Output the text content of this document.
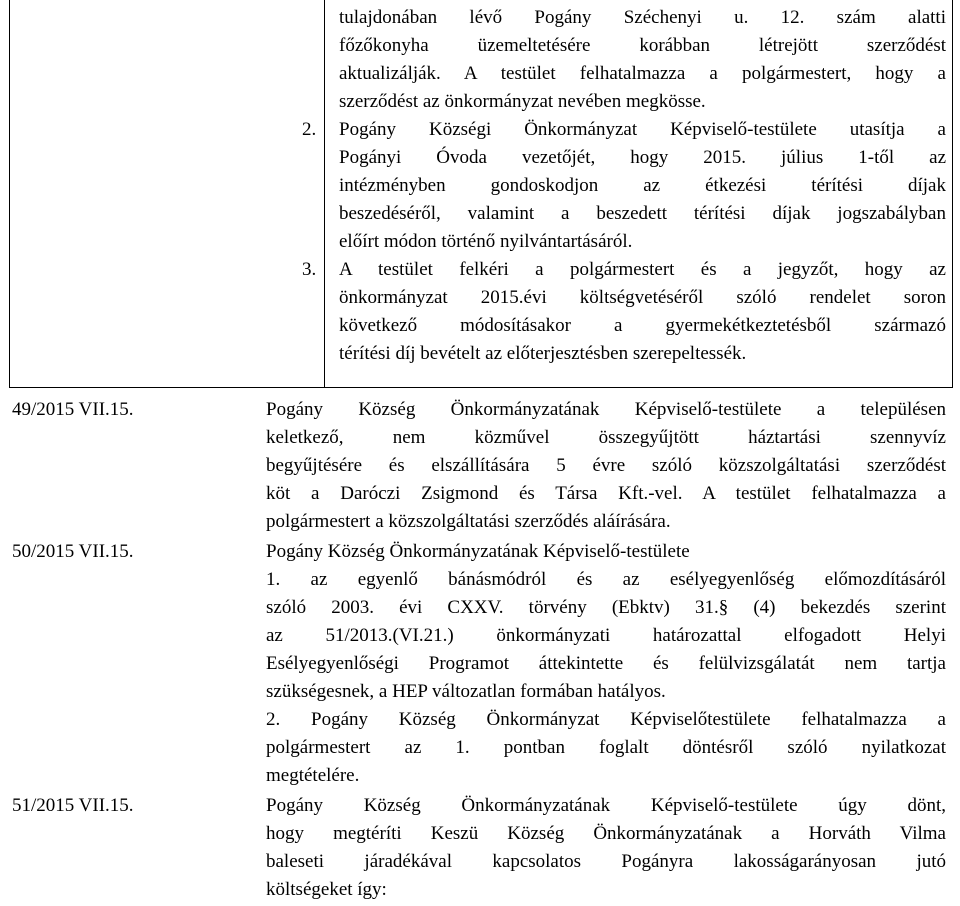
tulajdonában lévő Pogány Széchenyi u. 12. szám alatti
főzőkonyha üzemeltetésére korábban létrejött szerződést
aktualizálják. A testület felhatalmazza a polgármestert, hogy a
szerződést az önkormányzat nevében megkösse.
2. Pogány Községi Önkormányzat Képviselő-testülete utasítja a
Pogányi Óvoda vezetőjét, hogy 2015. július 1-től az
intézményben gondoskodjon az étkezési térítési díjak
beszedéséről, valamint a beszedett térítési díjak jogszabályban
előírt módon történő nyilvántartásáról.
3. A testület felkéri a polgármestert és a jegyzőt, hogy az
önkormányzat 2015.évi költségvetéséről szóló rendelet soron
következő módosításakor a gyermekétkeztetésből származó
térítési díj bevételt az előterjesztésben szerepeltessék.
49/2015 VII.15.	Pogány Község Önkormányzatának Képviselő-testülete a településen
keletkező, nem közművel összegyűjtött háztartási szennyvíz
begyűjtésére és elszállítására 5 évre szóló közszolgáltatási szerződést
köt a Daróczi Zsigmond és Társa Kft.-vel. A testület felhatalmazza a
polgármestert a közszolgáltatási szerződés aláírására.
50/2015 VII.15.	Pogány Község Önkormányzatának Képviselő-testülete
1. az egyenlő bánásmódról és az esélyegyenlőség előmozdításáról
szóló 2003. évi CXXV. törvény (Ebktv) 31.§ (4) bekezdés szerint
az 51/2013.(VI.21.) önkormányzati határozattal elfogadott Helyi
Esélyegyenlőségi Programot áttekintette és felülvizsgálatát nem tartja
szükségesnek, a HEP változatlan formában hatályos.
2. Pogány Község Önkormányzat Képviselőtestülete felhatalmazza a
polgármestert az 1. pontban foglalt döntésről szóló nyilatkozat
megtételére.
51/2015 VII.15.	Pogány Község Önkormányzatának Képviselő-testülete úgy dönt,
hogy megtéríti Keszü Község Önkormányzatának a Horváth Vilma
baleseti járadékával kapcsolatos Pogányra lakosságarányosan jutó
költségeket így:
